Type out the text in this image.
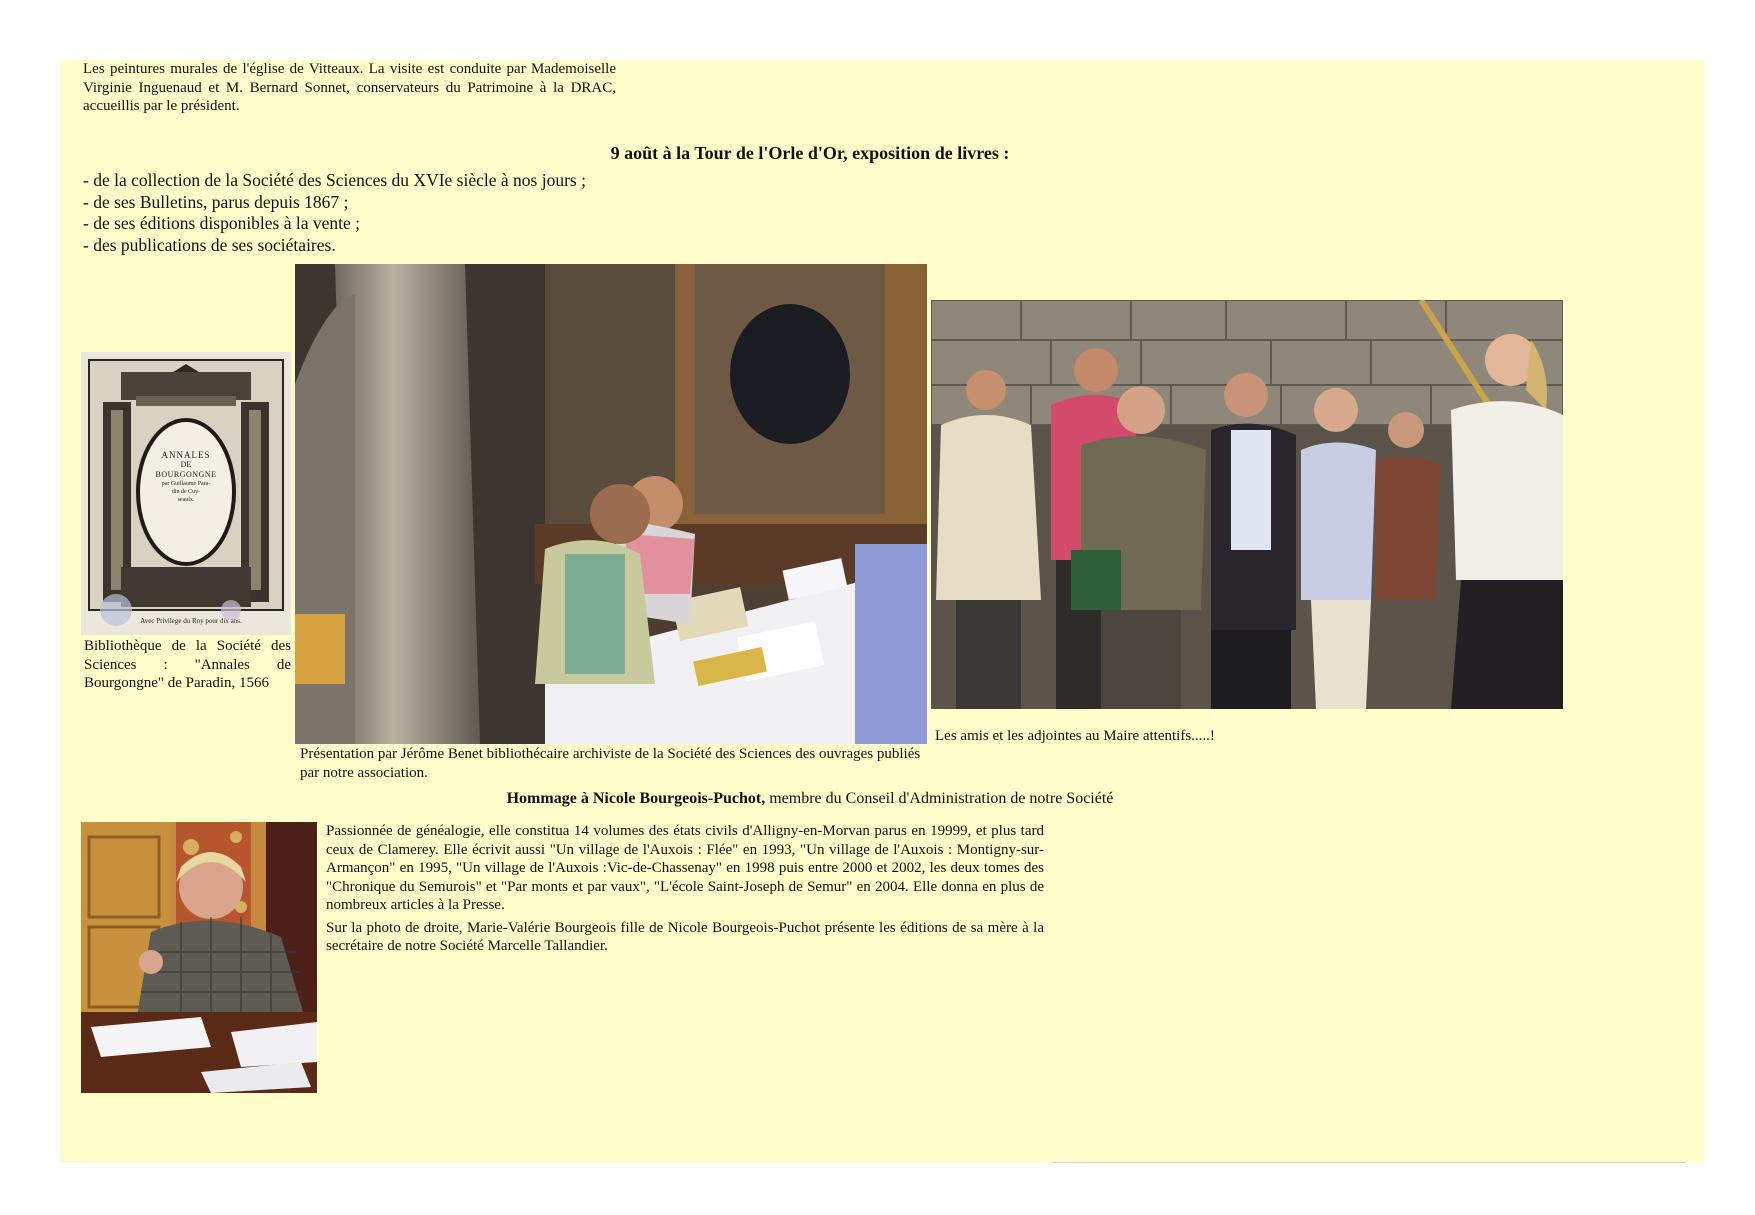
Les peintures murales de l'église de Vitteaux. La visite est conduite par Mademoiselle Virginie Inguenaud et M. Bernard Sonnet, conservateurs du Patrimoine à la DRAC, accueillis par le président.
9 août à la Tour de l'Orle d'Or, exposition de livres :
- de la collection de la Société des Sciences du XVIe siècle à nos jours ;
- de ses Bulletins, parus depuis 1867 ;
- de ses éditions disponibles à la vente ;
- des publications de ses sociétaires.
ANNALES
DE
BOURGONGNE
par Guillaume Para-
din de Cuy-
seaulx.
Avec Privilege du Roy pour dix ans.
Bibliothèque de la Société des Sciences : "Annales de Bourgongne" de Paradin, 1566
Présentation par Jérôme Benet bibliothécaire archiviste de la Société des Sciences des ouvrages publiés par notre association.
Les amis et les adjointes au Maire attentifs.....!
Hommage à Nicole Bourgeois-Puchot, membre du Conseil d'Administration de notre Société

Passionnée de généalogie, elle constitua 14 volumes des états civils d'Alligny-en-Morvan parus en 19999, et plus tard ceux de Clamerey. Elle écrivit aussi "Un village de l'Auxois : Flée" en 1993, "Un village de l'Auxois : Montigny-sur-Armançon" en 1995, "Un village de l'Auxois :Vic-de-Chassenay" en 1998 puis entre 2000 et 2002, les deux tomes des "Chronique du Semurois" et "Par monts et par vaux", "L'école Saint-Joseph de Semur" en 2004. Elle donna en plus de nombreux articles à la Presse.

Sur la photo de droite, Marie-Valérie Bourgeois fille de Nicole Bourgeois-Puchot présente les éditions de sa mère à la secrétaire de notre Société Marcelle Tallandier.
